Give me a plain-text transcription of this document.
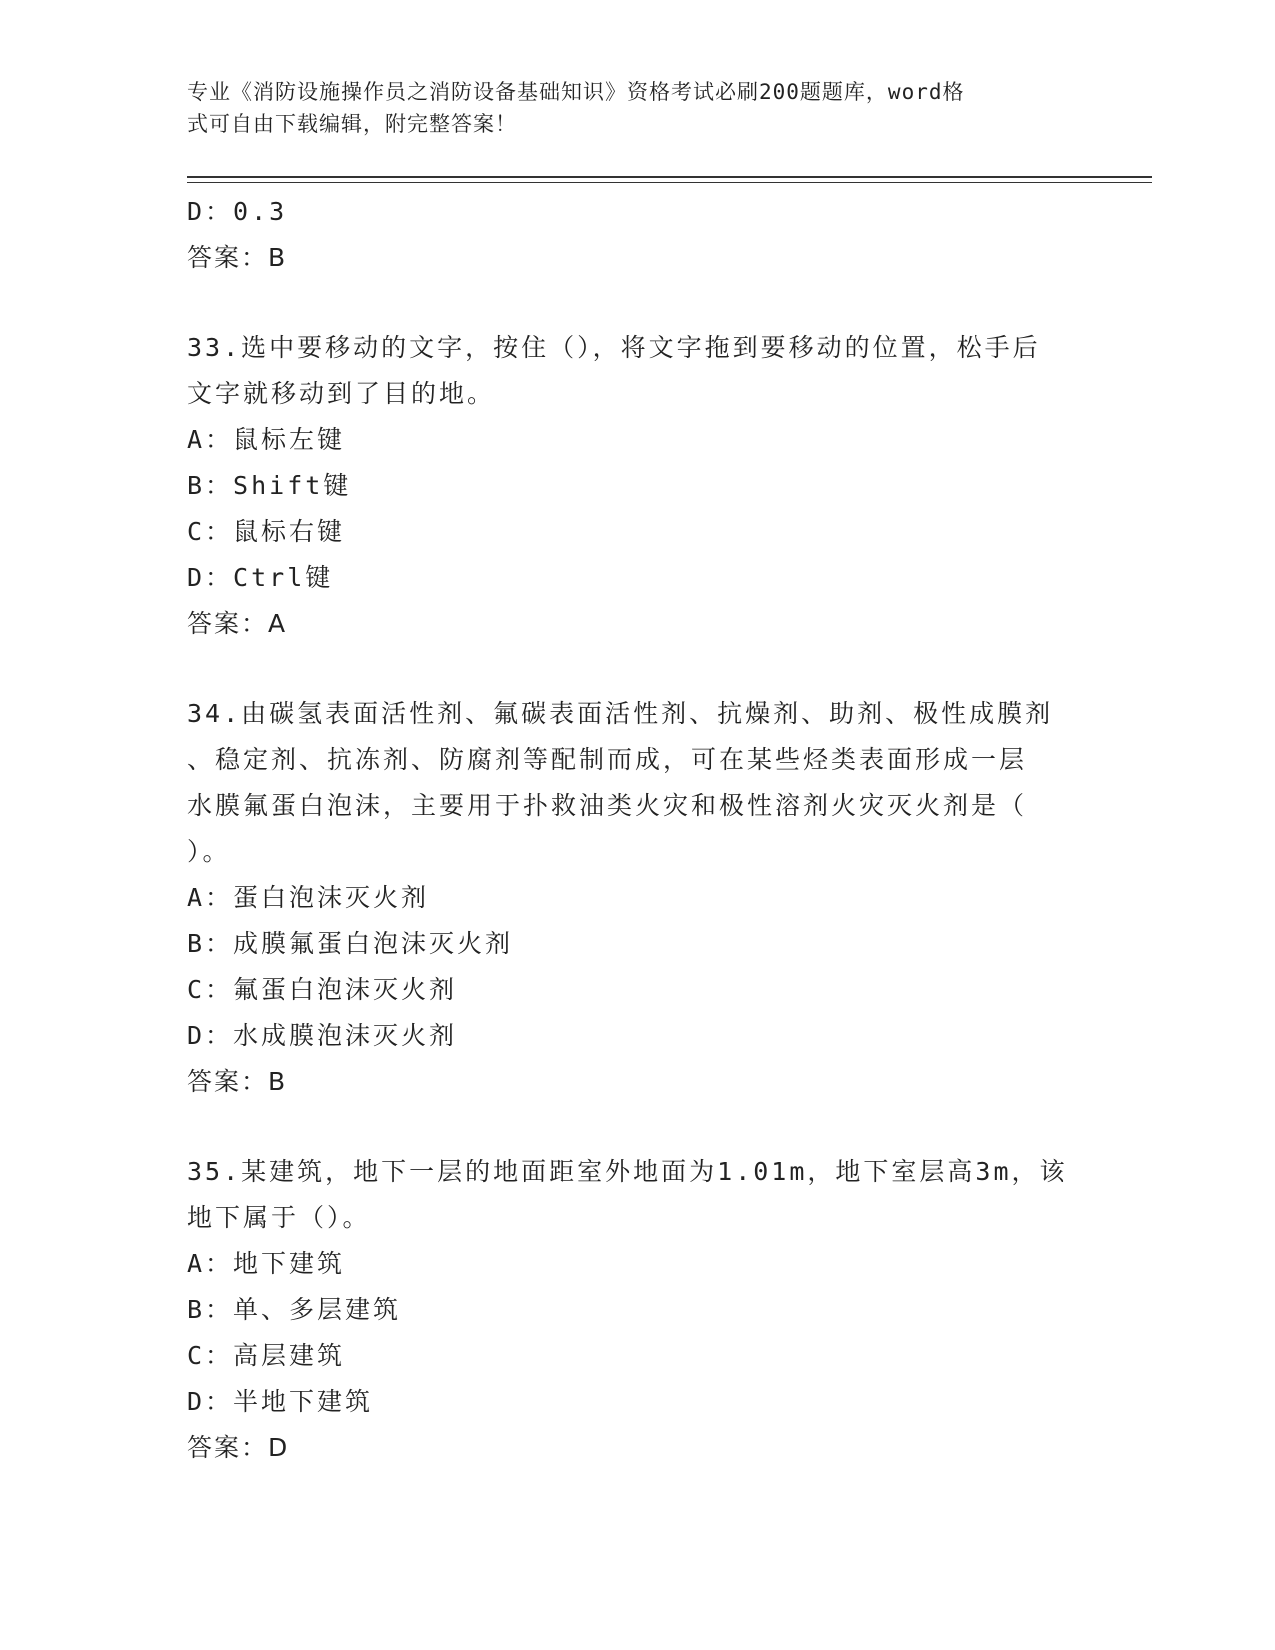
专业《消防设施操作员之消防设备基础知识》资格考试必刷200题题库，word格
式可自由下载编辑，附完整答案！
D：0.3
答案：B
33.选中要移动的文字，按住（），将文字拖到要移动的位置，松手后
文字就移动到了目的地。
A：鼠标左键
B：Shift键
C：鼠标右键
D：Ctrl键
答案：A
34.由碳氢表面活性剂、氟碳表面活性剂、抗燥剂、助剂、极性成膜剂
、稳定剂、抗冻剂、防腐剂等配制而成，可在某些烃类表面形成一层
水膜氟蛋白泡沫，主要用于扑救油类火灾和极性溶剂火灾灭火剂是（
）。
A：蛋白泡沫灭火剂
B：成膜氟蛋白泡沫灭火剂
C：氟蛋白泡沫灭火剂
D：水成膜泡沫灭火剂
答案：B
35.某建筑，地下一层的地面距室外地面为1.01m，地下室层高3m，该
地下属于（）。
A：地下建筑
B：单、多层建筑
C：高层建筑
D：半地下建筑
答案：D
